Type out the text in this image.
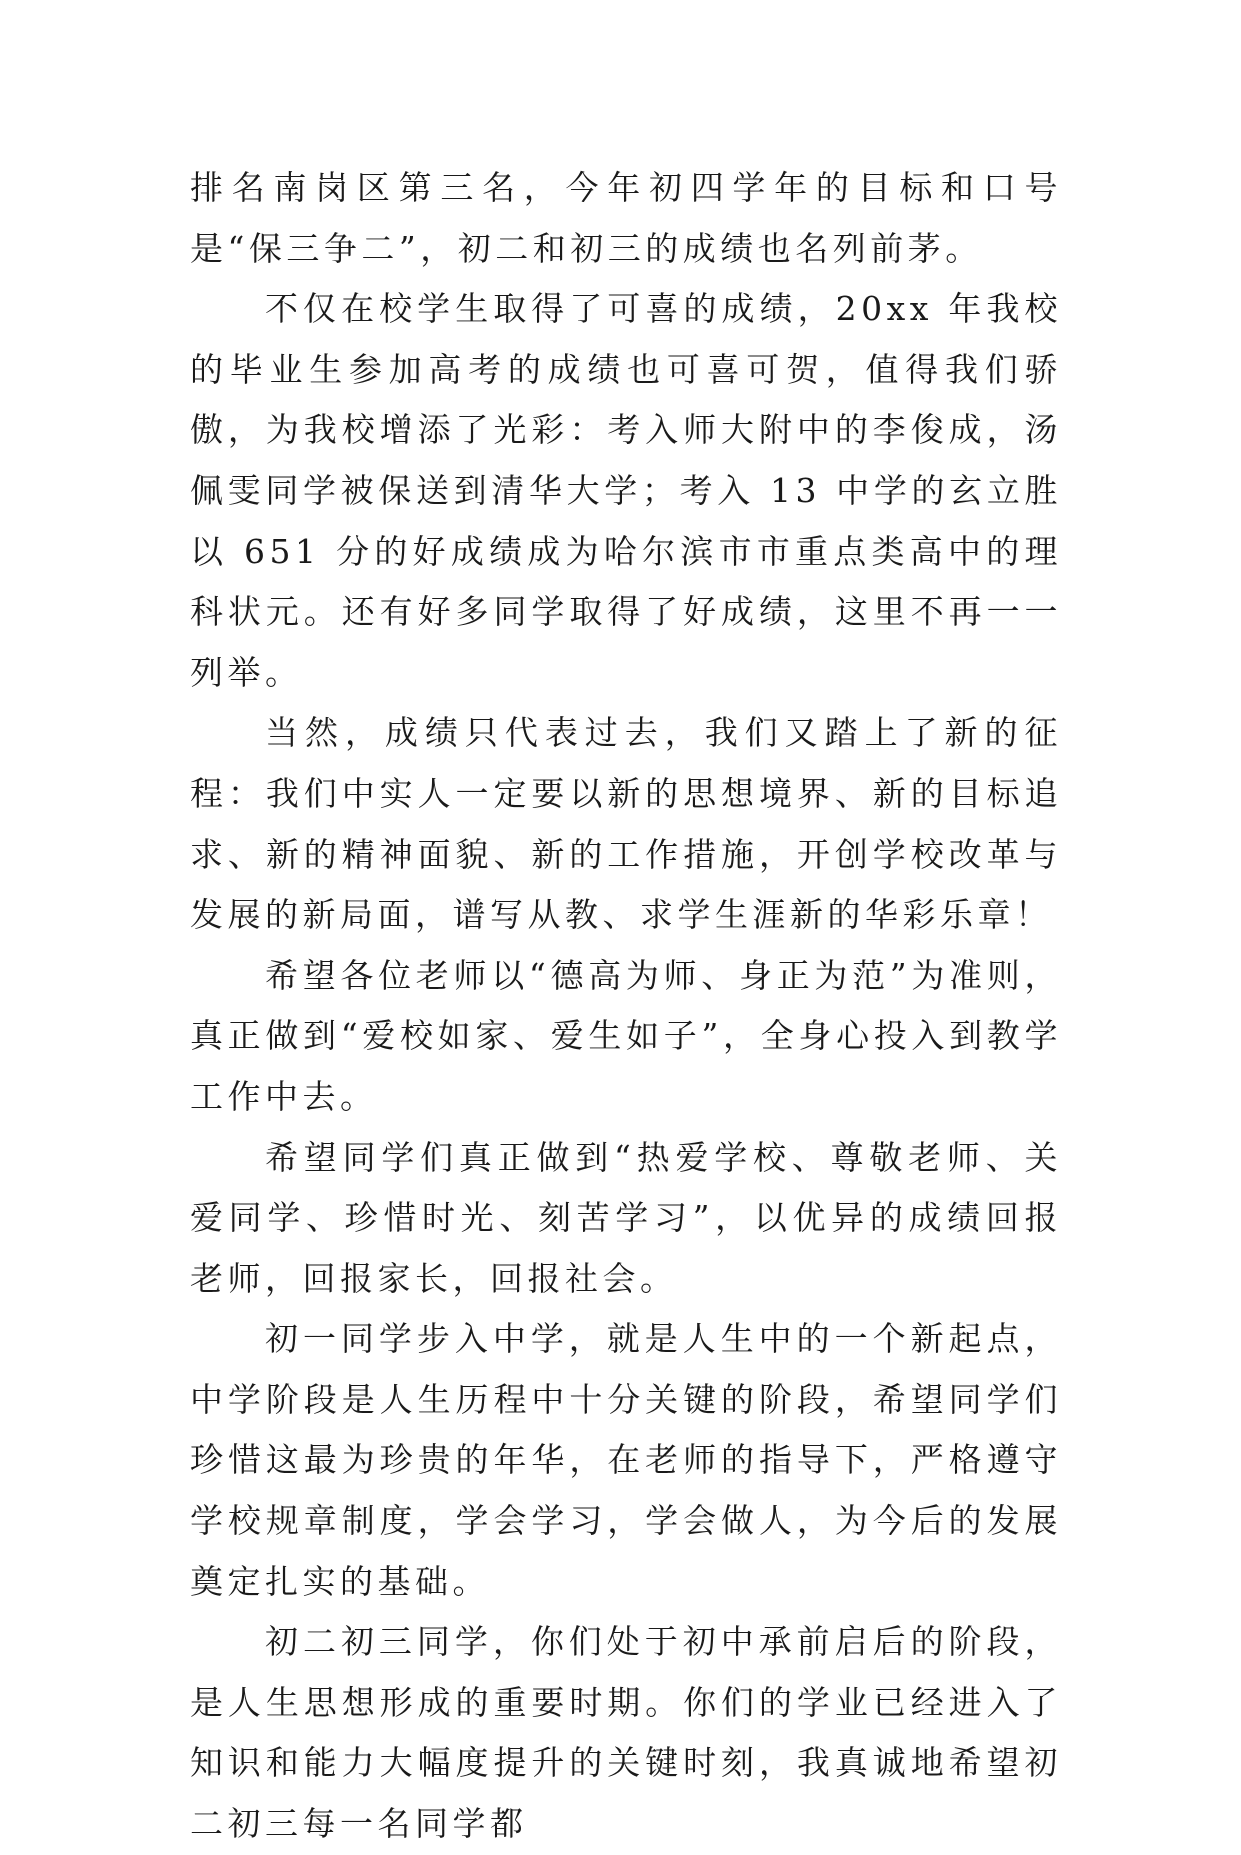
排名南岗区第三名，今年初四学年的目标和口号是“保三争二”，初二和初三的成绩也名列前茅。

不仅在校学生取得了可喜的成绩，20xx 年我校的毕业生参加高考的成绩也可喜可贺，值得我们骄傲，为我校增添了光彩：考入师大附中的李俊成，汤佩雯同学被保送到清华大学；考入 13 中学的玄立胜以 651 分的好成绩成为哈尔滨市市重点类高中的理科状元。还有好多同学取得了好成绩，这里不再一一列举。

当然，成绩只代表过去，我们又踏上了新的征程：我们中实人一定要以新的思想境界、新的目标追求、新的精神面貌、新的工作措施，开创学校改革与发展的新局面，谱写从教、求学生涯新的华彩乐章！

希望各位老师以“德高为师、身正为范”为准则，真正做到“爱校如家、爱生如子”，全身心投入到教学工作中去。

希望同学们真正做到“热爱学校、尊敬老师、关爱同学、珍惜时光、刻苦学习”，以优异的成绩回报老师，回报家长，回报社会。

初一同学步入中学，就是人生中的一个新起点，中学阶段是人生历程中十分关键的阶段，希望同学们珍惜这最为珍贵的年华，在老师的指导下，严格遵守学校规章制度，学会学习，学会做人，为今后的发展奠定扎实的基础。

初二初三同学，你们处于初中承前启后的阶段，是人生思想形成的重要时期。你们的学业已经进入了知识和能力大幅度提升的关键时刻，我真诚地希望初二初三每一名同学都
